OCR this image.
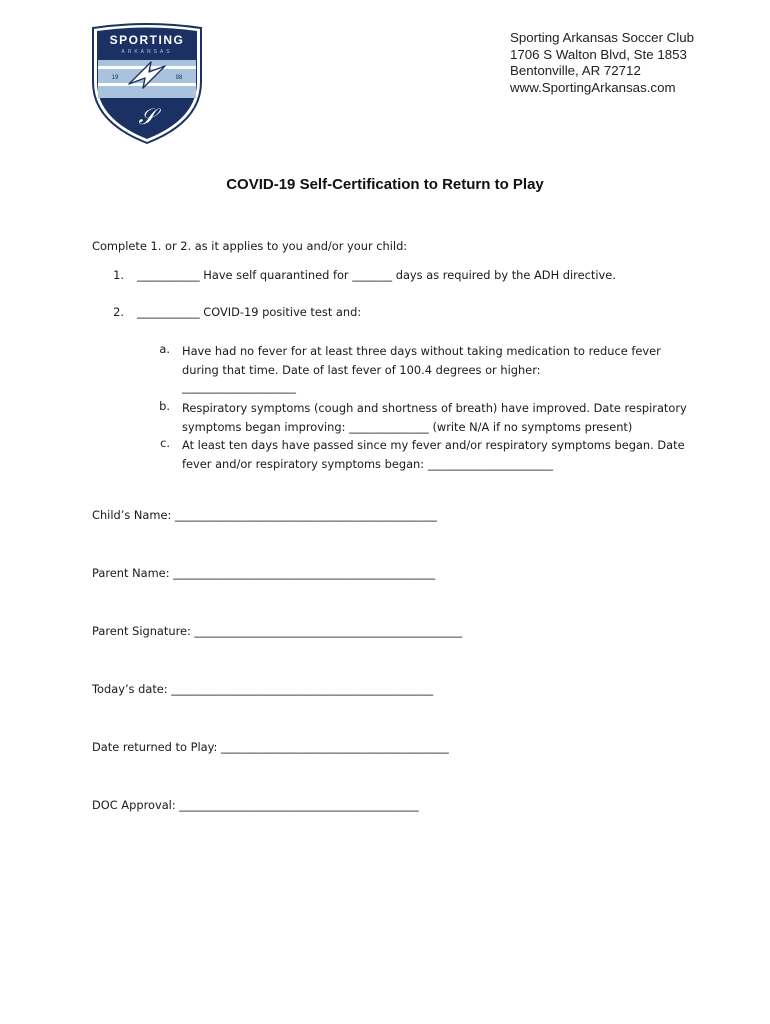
SPORTING
ARKANSAS
19	98
𝒮
Sporting Arkansas Soccer Club
1706 S Walton Blvd, Ste 1853
Bentonville, AR 72712
www.SportingArkansas.com
COVID-19 Self-Certification to Return to Play
Complete 1. or 2. as it applies to you and/or your child:
1. ___________ Have self quarantined for _______ days as required by the ADH directive.
2. ___________ COVID-19 positive test and:
a. Have had no fever for at least three days without taking medication to reduce fever
during that time. Date of last fever of 100.4 degrees or higher:
____________________
b. Respiratory symptoms (cough and shortness of breath) have improved. Date respiratory
symptoms began improving: ______________ (write N/A if no symptoms present)
c. At least ten days have passed since my fever and/or respiratory symptoms began. Date
fever and/or respiratory symptoms began: ______________________
Child’s Name: ______________________________________________
Parent Name: ______________________________________________
Parent Signature: _______________________________________________
Today’s date: ______________________________________________
Date returned to Play: ________________________________________
DOC Approval: __________________________________________
